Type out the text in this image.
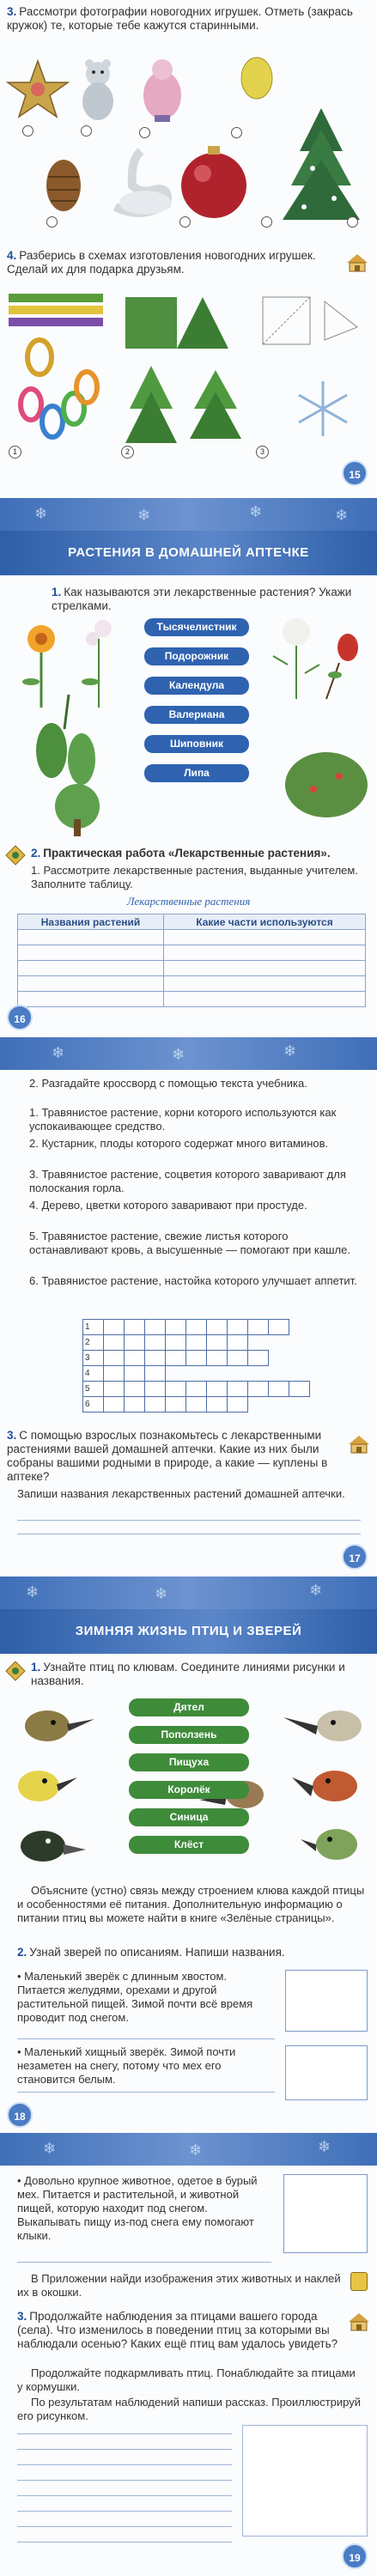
3. Рассмотри фотографии новогодних игрушек. Отметь (закрась кружок) те, которые тебе кажутся старинными.
4. Разберись в схемах изготовления новогодних игрушек. Сделай их для подарка друзьям.
1	2	3
15
❄	❄	❄	❄
РАСТЕНИЯ В ДОМАШНЕЙ АПТЕЧКЕ
1. Как называются эти лекарственные растения? Укажи стрелками.
Тысячелистник
Подорожник
Календула
Валериана
Шиповник
Липа
2. Практическая работа «Лекарственные растения».
1. Рассмотрите лекарственные растения, выданные учителем. Заполните таблицу.
Лекарственные растения
Названия растений	Какие части используются

16
❄	❄	❄
2. Разгадайте кроссворд с помощью текста учебника.
1. Травянистое растение, корни которого используются как успокаивающее средство.
2. Кустарник, плоды которого содержат много витаминов.
3. Травянистое растение, соцветия которого заваривают для полоскания горла.
4. Дерево, цветки которого заваривают при простуде.
5. Травянистое растение, свежие листья которого останавливают кровь, а высушенные — помогают при кашле.
6. Травянистое растение, настойка которого улучшает аппетит.
1										
2										
3										
4										
5										
6										
3. С помощью взрослых познакомьтесь с лекарственными растениями вашей домашней аптечки. Какие из них были собраны вашими родными в природе, а какие — куплены в аптеке?
Запиши названия лекарственных растений домашней аптечки.
17
❄	❄	❄
ЗИМНЯЯ ЖИЗНЬ ПТИЦ И ЗВЕРЕЙ
1. Узнайте птиц по клювам. Соедините линиями рисунки и названия.
Дятел
Поползень
Пищуха
Королёк
Синица
Клёст
Объясните (устно) связь между строением клюва каждой птицы и особенностями её питания. Дополнительную информацию о питании птиц вы можете найти в книге «Зелёные страницы».
2. Узнай зверей по описаниям. Напиши названия.
• Маленький зверёк с длинным хвостом. Питается желудями, орехами и другой растительной пищей. Зимой почти всё время проводит под снегом.
• Маленький хищный зверёк. Зимой почти незаметен на снегу, потому что мех его становится белым.
18
❄	❄	❄
• Довольно крупное животное, одетое в бурый мех. Питается и растительной, и животной пищей, которую находит под снегом. Выкапывать пищу из-под снега ему помогают клыки.
В Приложении найди изображения этих животных и наклей их в окошки.
3. Продолжайте наблюдения за птицами вашего города (села). Что изменилось в поведении птиц за которыми вы наблюдали осенью? Каких ещё птиц вам удалось увидеть?
Продолжайте подкармливать птиц. Понаблюдайте за птицами у кормушки.
По результатам наблюдений напиши рассказ. Проиллюстрируй его рисунком.
19
